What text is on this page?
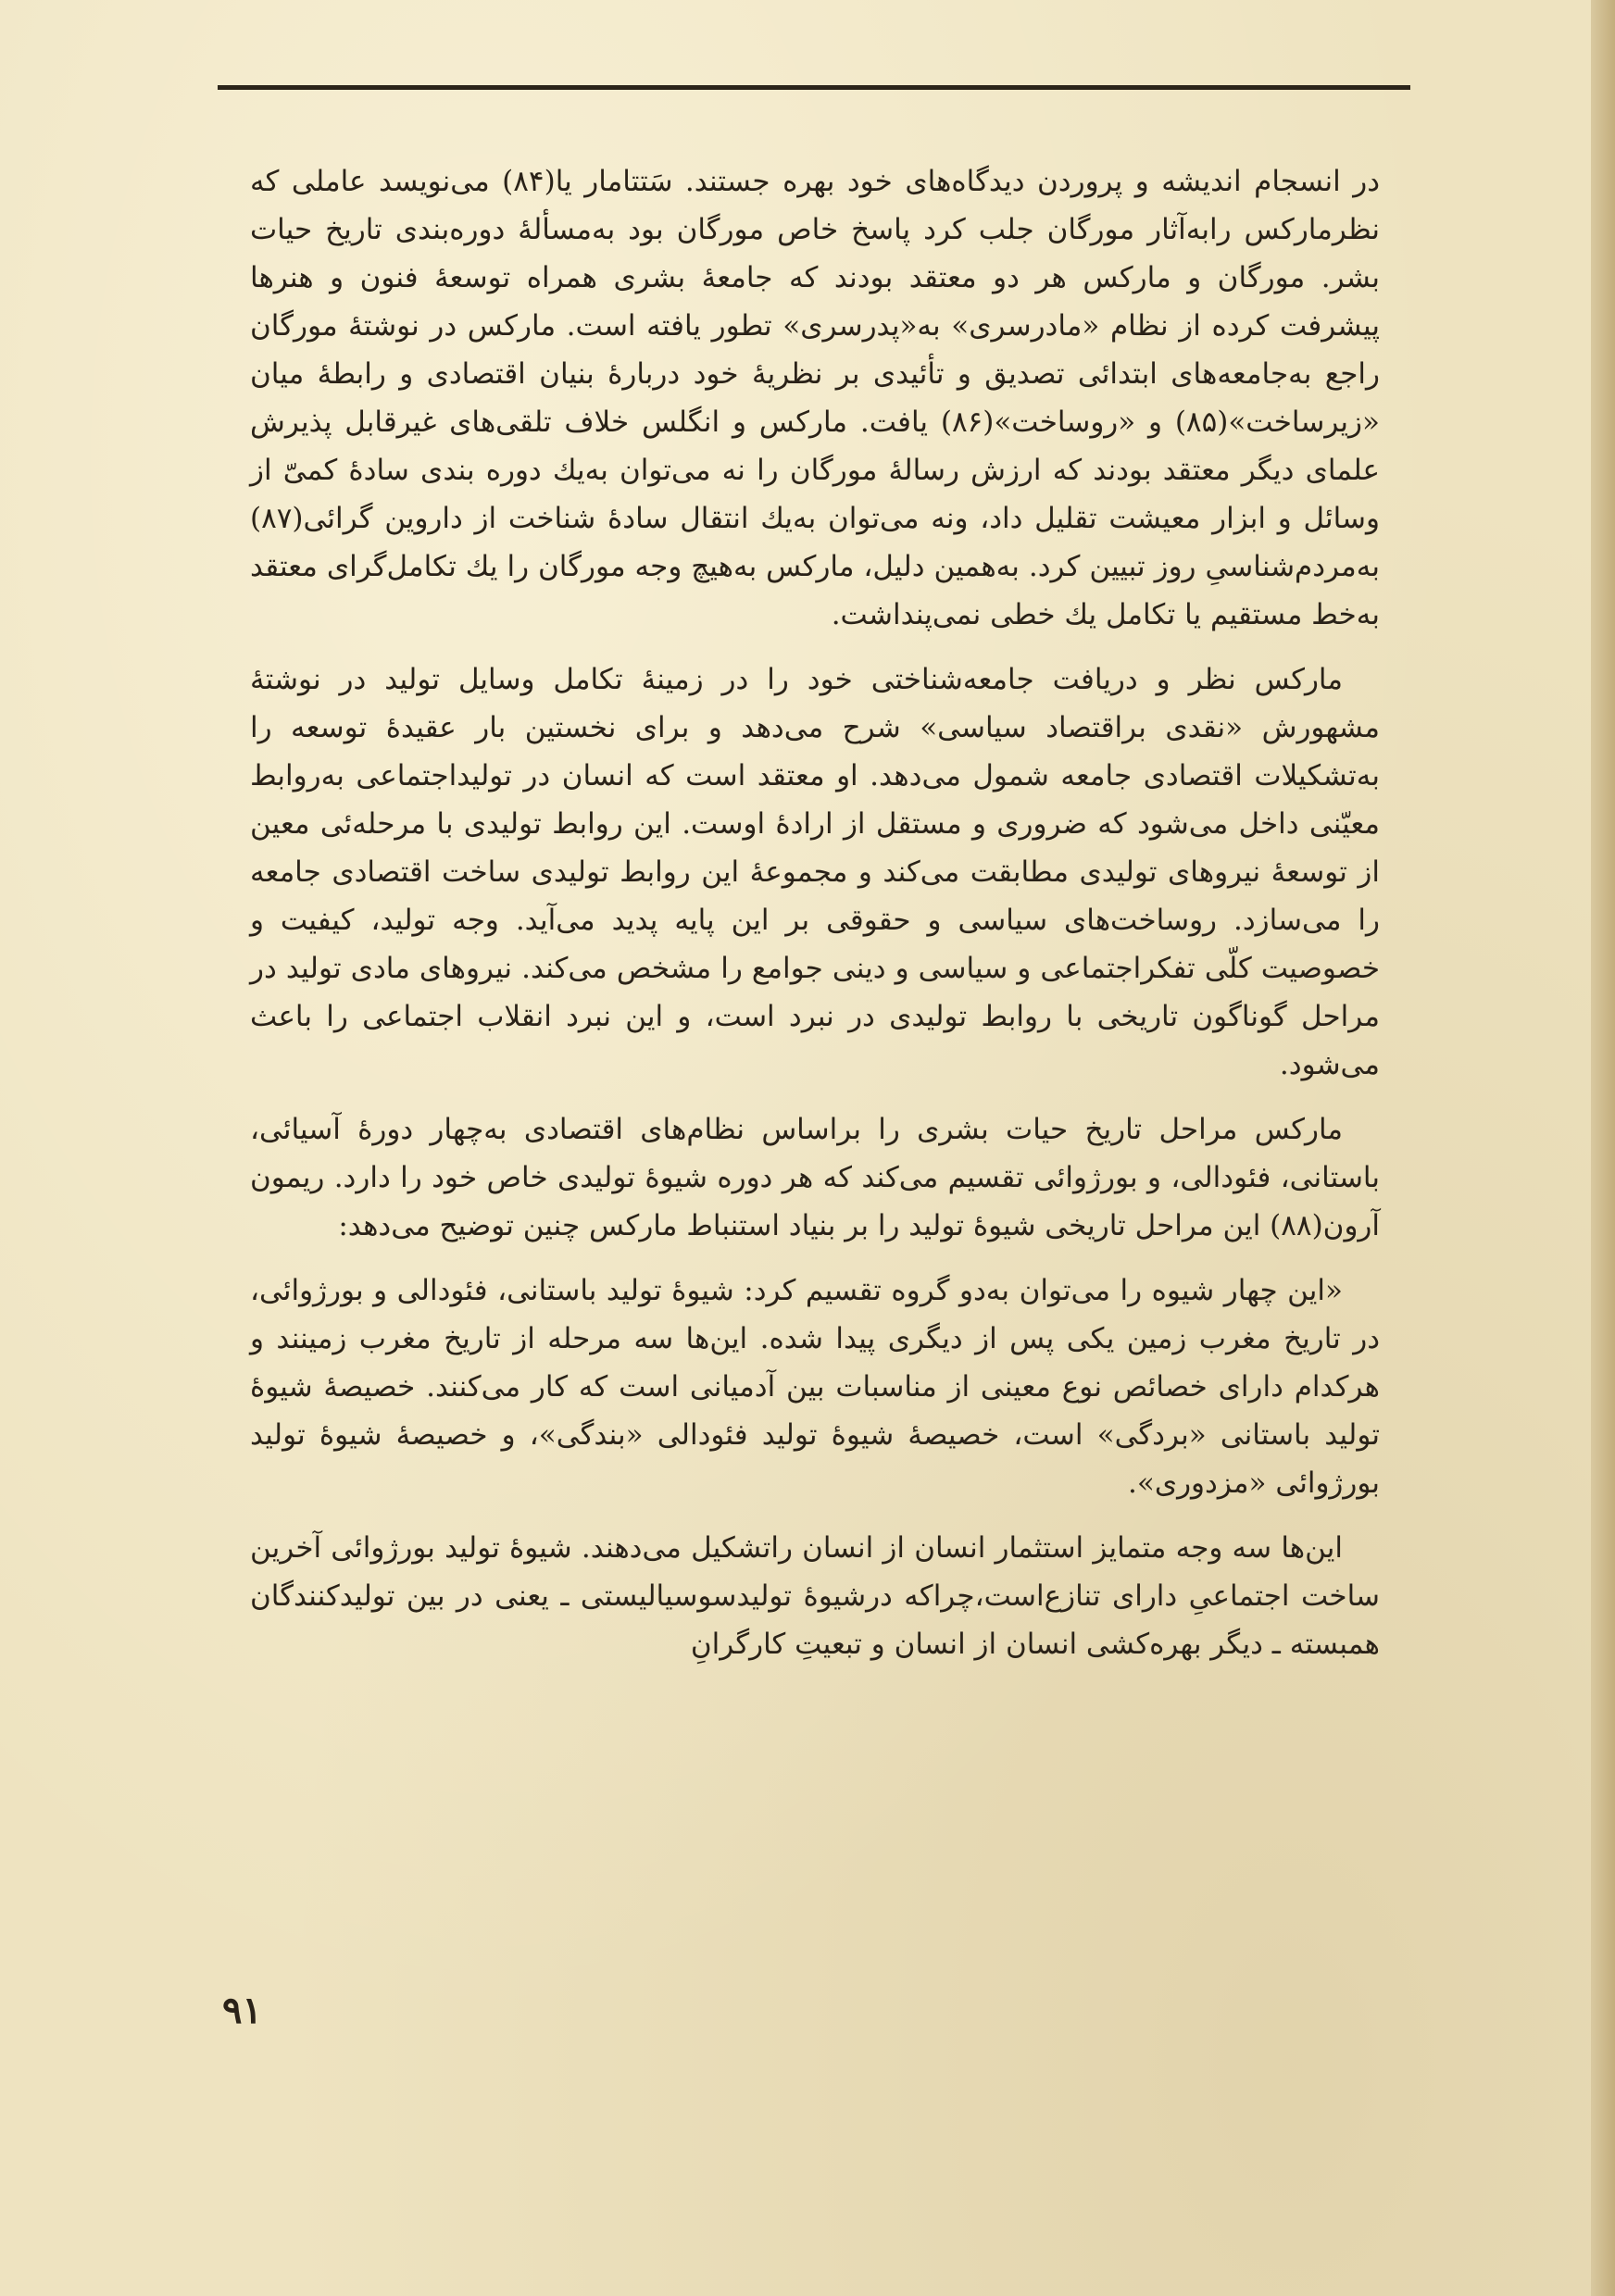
در انسجام اندیشه و پروردن دیدگاه‌های خود بهره جستند. سَتتامار یا(۸۴) می‌نویسد عاملی که نظرمارکس رابه‌آثار مورگان جلب کرد پاسخ خاص مورگان بود به‌مسألهٔ دوره‌بندی تاریخ حیات بشر. مورگان و مارکس هر دو معتقد بودند که جامعهٔ بشری همراه توسعهٔ فنون و هنرها پیشرفت کرده از نظام «مادرسری» به«پدرسری» تطور یافته است. مارکس در نوشتهٔ مورگان راجع به‌جامعه‌های ابتدائی تصدیق و تأئیدی بر نظریهٔ خود دربارهٔ بنیان اقتصادی و رابطهٔ میان «زیرساخت»(۸۵) و «روساخت»(۸۶) یافت. مارکس و انگلس خلاف تلقی‌های غیرقابل پذیرش علمای دیگر معتقد بودند که ارزش رسالهٔ مورگان را نه می‌توان به‌یك دوره بندی سادهٔ کمیّ از وسائل و ابزار معیشت تقلیل داد، ونه می‌توان به‌یك انتقال سادهٔ شناخت از داروین گرائی(۸۷) به‌مردم‌شناسیِ روز تبیین کرد. به‌همین دلیل، مارکس به‌هیچ وجه مورگان را یك تکامل‌گرای معتقد به‌خط مستقیم یا تکامل یك خطی نمی‌پنداشت.

مارکس نظر و دریافت جامعه‌شناختی خود را در زمینهٔ تکامل وسایل تولید در نوشتهٔ مشهورش «نقدی براقتصاد سیاسی» شرح می‌دهد و برای نخستین بار عقیدهٔ توسعه را به‌تشکیلات اقتصادی جامعه شمول می‌دهد. او معتقد است که انسان در تولیداجتماعی به‌روابط معیّنی داخل می‌شود که ضروری و مستقل از ارادهٔ اوست. این روابط تولیدی با مرحله‌ئی معین از توسعهٔ نیروهای تولیدی مطابقت می‌کند و مجموعهٔ این روابط تولیدی ساخت اقتصادی جامعه را می‌سازد. روساخت‌های سیاسی و حقوقی بر این پایه پدید می‌آید. وجه تولید، کیفیت و خصوصیت کلّی تفکراجتماعی و سیاسی و دینی جوامع را مشخص می‌کند. نیروهای مادی تولید در مراحل گوناگون تاریخی با روابط تولیدی در نبرد است، و این نبرد انقلاب اجتماعی را باعث می‌شود.

مارکس مراحل تاریخ حیات بشری را براساس نظام‌های اقتصادی به‌چهار دورهٔ آسیائی، باستانی، فئودالی، و بورژوائی تقسیم می‌کند که هر دوره شیوهٔ تولیدی خاص خود را دارد. ریمون آرون(۸۸) این مراحل تاریخی شیوهٔ تولید را بر بنیاد استنباط مارکس چنین توضیح می‌دهد:

«این چهار شیوه را می‌توان به‌دو گروه تقسیم کرد: شیوهٔ تولید باستانی، فئودالی و بورژوائی، در تاریخ مغرب زمین یکی پس از دیگری پیدا شده. این‌ها سه مرحله از تاریخ مغرب زمینند و هرکدام دارای خصائص نوع معینی از مناسبات بین آدمیانی است که کار می‌کنند. خصیصهٔ شیوهٔ تولید باستانی «بردگی» است، خصیصهٔ شیوهٔ تولید فئودالی «بندگی»، و خصیصهٔ شیوهٔ تولید بورژوائی «مزدوری».

این‌ها سه وجه متمایز استثمار انسان از انسان راتشکیل می‌دهند. شیوهٔ تولید بورژوائی آخرین ساخت اجتماعیِ دارای تنازع‌است،چراکه درشیوهٔ تولیدسوسیالیستی ـ یعنی در بین تولیدکنندگان همبسته ـ دیگر بهره‌کشی انسان از انسان و تبعیتِ کارگرانِ

۹۱
